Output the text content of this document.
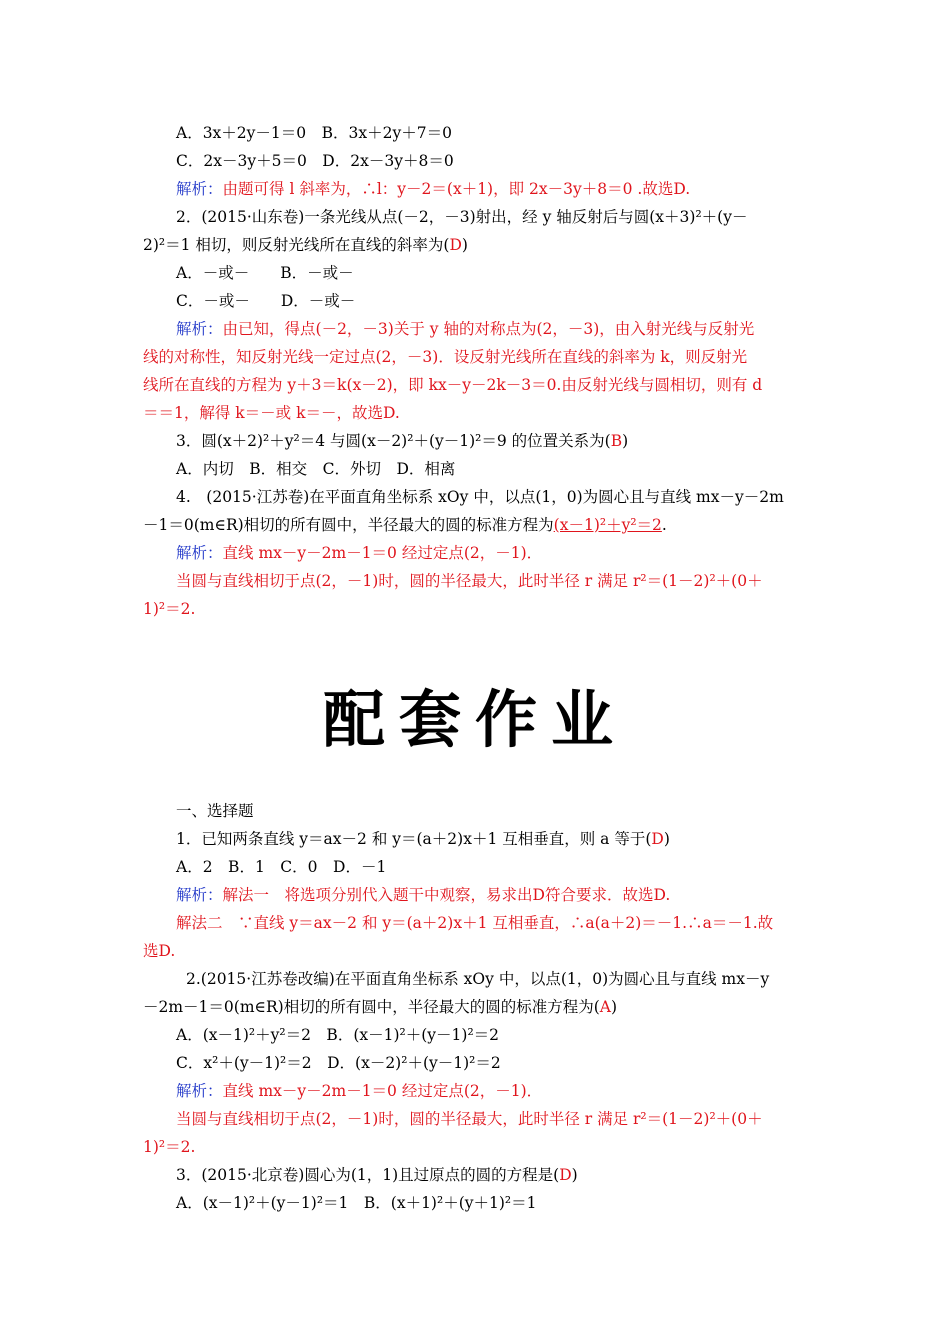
A．3x＋2y－1＝0　B．3x＋2y＋7＝0
C．2x－3y＋5＝0　D．2x－3y＋8＝0
解析：由题可得 l 斜率为，∴l：y－2＝(x＋1)，即 2x－3y＋8＝0 .故选D.
2．(2015·山东卷)一条光线从点(－2，－3)射出，经 y 轴反射后与圆(x＋3)²＋(y－
2)²＝1 相切，则反射光线所在直线的斜率为(D)
A．－或－　　B．－或－
C．－或－　　D．－或－
解析：由已知，得点(－2，－3)关于 y 轴的对称点为(2，－3)，由入射光线与反射光
线的对称性，知反射光线一定过点(2，－3)．设反射光线所在直线的斜率为 k，则反射光
线所在直线的方程为 y＋3＝k(x－2)，即 kx－y－2k－3＝0.由反射光线与圆相切，则有 d
＝＝1，解得 k＝－或 k＝－，故选D.
3．圆(x＋2)²＋y²＝4 与圆(x－2)²＋(y－1)²＝9 的位置关系为(B)
A．内切　B．相交　C．外切　D．相离
4.　(2015·江苏卷)在平面直角坐标系 xOy 中，以点(1，0)为圆心且与直线 mx－y－2m
－1＝0(m∈R)相切的所有圆中，半径最大的圆的标准方程为(x－1)²＋y²＝2.
解析：直线 mx－y－2m－1＝0 经过定点(2，－1)．
当圆与直线相切于点(2，－1)时，圆的半径最大，此时半径 r 满足 r²＝(1－2)²＋(0＋
1)²＝2.
配套作业
一、选择题
1．已知两条直线 y＝ax－2 和 y＝(a＋2)x＋1 互相垂直，则 a 等于(D)
A．2　B．1　C．0　D．－1
解析：解法一　将选项分别代入题干中观察，易求出D符合要求．故选D.
解法二　∵直线 y＝ax－2 和 y＝(a＋2)x＋1 互相垂直，∴a(a＋2)＝－1.∴a＝－1.故
选D.
2.(2015·江苏卷改编)在平面直角坐标系 xOy 中，以点(1，0)为圆心且与直线 mx－y
－2m－1＝0(m∈R)相切的所有圆中，半径最大的圆的标准方程为(A)
A．(x－1)²＋y²＝2　B．(x－1)²＋(y－1)²＝2
C．x²＋(y－1)²＝2　D．(x－2)²＋(y－1)²＝2
解析：直线 mx－y－2m－1＝0 经过定点(2，－1)．
当圆与直线相切于点(2，－1)时，圆的半径最大，此时半径 r 满足 r²＝(1－2)²＋(0＋
1)²＝2.
3．(2015·北京卷)圆心为(1，1)且过原点的圆的方程是(D)
A．(x－1)²＋(y－1)²＝1　B．(x＋1)²＋(y＋1)²＝1
